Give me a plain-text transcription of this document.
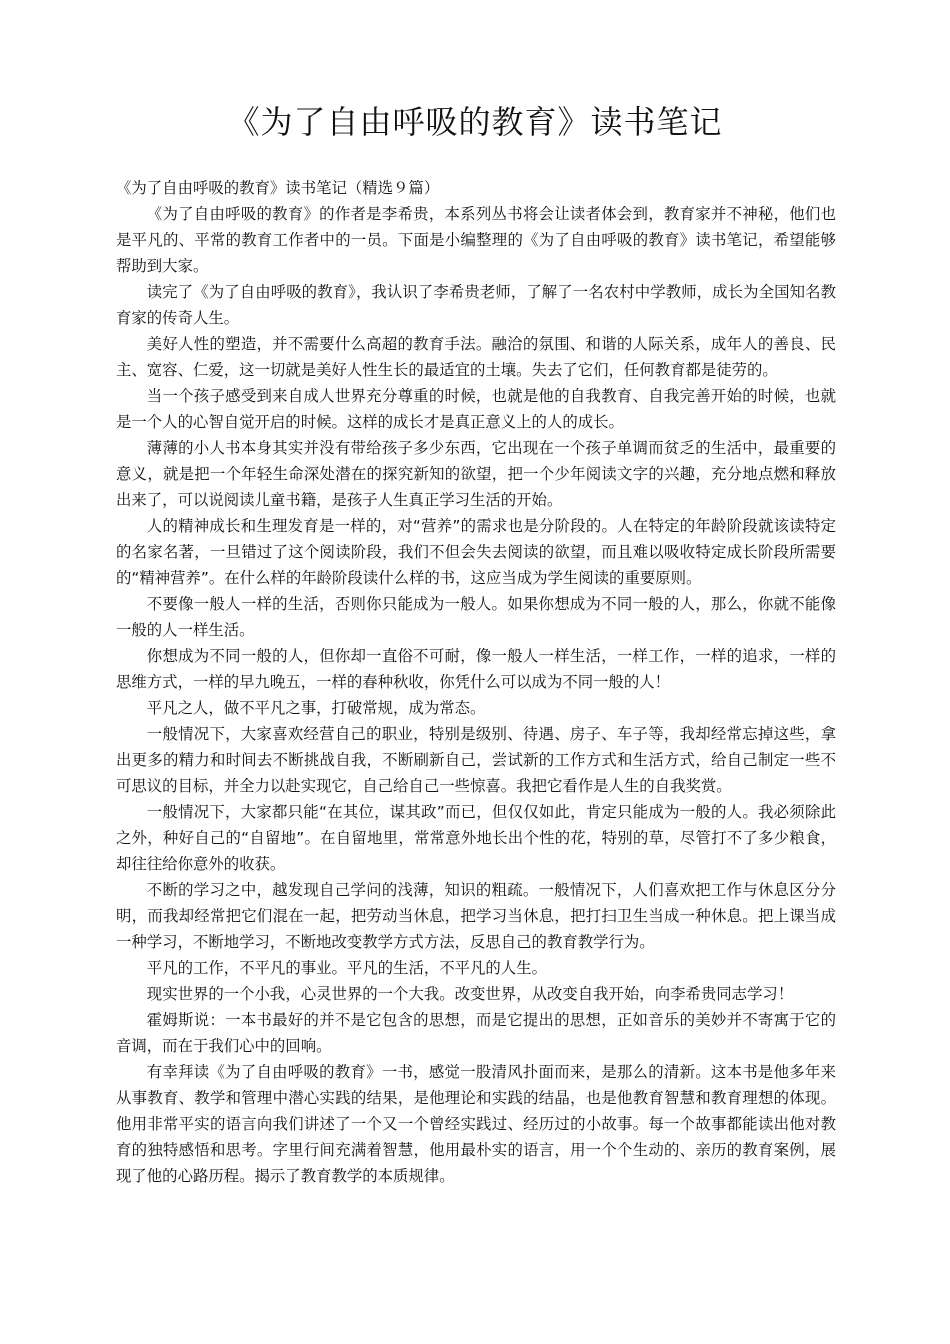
《为了自由呼吸的教育》读书笔记

《为了自由呼吸的教育》读书笔记（精选９篇）

《为了自由呼吸的教育》的作者是李希贵，本系列丛书将会让读者体会到，教育家并不神秘，他们也是平凡的、平常的教育工作者中的一员。下面是小编整理的《为了自由呼吸的教育》读书笔记，希望能够帮助到大家。

读完了《为了自由呼吸的教育》，我认识了李希贵老师，了解了一名农村中学教师，成长为全国知名教育家的传奇人生。

美好人性的塑造，并不需要什么高超的教育手法。融洽的氛围、和谐的人际关系，成年人的善良、民主、宽容、仁爱，这一切就是美好人性生长的最适宜的土壤。失去了它们，任何教育都是徒劳的。

当一个孩子感受到来自成人世界充分尊重的时候，也就是他的自我教育、自我完善开始的时候，也就是一个人的心智自觉开启的时候。这样的成长才是真正意义上的人的成长。

薄薄的小人书本身其实并没有带给孩子多少东西，它出现在一个孩子单调而贫乏的生活中，最重要的意义，就是把一个年轻生命深处潜在的探究新知的欲望，把一个少年阅读文字的兴趣，充分地点燃和释放出来了，可以说阅读儿童书籍，是孩子人生真正学习生活的开始。

人的精神成长和生理发育是一样的，对“营养”的需求也是分阶段的。人在特定的年龄阶段就该读特定的名家名著，一旦错过了这个阅读阶段，我们不但会失去阅读的欲望，而且难以吸收特定成长阶段所需要的“精神营养”。在什么样的年龄阶段读什么样的书，这应当成为学生阅读的重要原则。

不要像一般人一样的生活，否则你只能成为一般人。如果你想成为不同一般的人，那么，你就不能像一般的人一样生活。

你想成为不同一般的人，但你却一直俗不可耐，像一般人一样生活，一样工作，一样的追求，一样的思维方式，一样的早九晚五，一样的春种秋收，你凭什么可以成为不同一般的人！

平凡之人，做不平凡之事，打破常规，成为常态。

一般情况下，大家喜欢经营自己的职业，特别是级别、待遇、房子、车子等，我却经常忘掉这些，拿出更多的精力和时间去不断挑战自我，不断刷新自己，尝试新的工作方式和生活方式，给自己制定一些不可思议的目标，并全力以赴实现它，自己给自己一些惊喜。我把它看作是人生的自我奖赏。

一般情况下，大家都只能“在其位，谋其政”而已，但仅仅如此，肯定只能成为一般的人。我必须除此之外，种好自己的“自留地”。在自留地里，常常意外地长出个性的花，特别的草，尽管打不了多少粮食，却往往给你意外的收获。

不断的学习之中，越发现自己学问的浅薄，知识的粗疏。一般情况下，人们喜欢把工作与休息区分分明，而我却经常把它们混在一起，把劳动当休息，把学习当休息，把打扫卫生当成一种休息。把上课当成一种学习，不断地学习，不断地改变教学方式方法，反思自己的教育教学行为。

平凡的工作，不平凡的事业。平凡的生活，不平凡的人生。

现实世界的一个小我，心灵世界的一个大我。改变世界，从改变自我开始，向李希贵同志学习！

霍姆斯说：一本书最好的并不是它包含的思想，而是它提出的思想，正如音乐的美妙并不寄寓于它的音调，而在于我们心中的回响。

有幸拜读《为了自由呼吸的教育》一书，感觉一股清风扑面而来，是那么的清新。这本书是他多年来从事教育、教学和管理中潜心实践的结果，是他理论和实践的结晶，也是他教育智慧和教育理想的体现。他用非常平实的语言向我们讲述了一个又一个曾经实践过、经历过的小故事。每一个故事都能读出他对教育的独特感悟和思考。字里行间充满着智慧，他用最朴实的语言，用一个个生动的、亲历的教育案例，展现了他的心路历程。揭示了教育教学的本质规律。
